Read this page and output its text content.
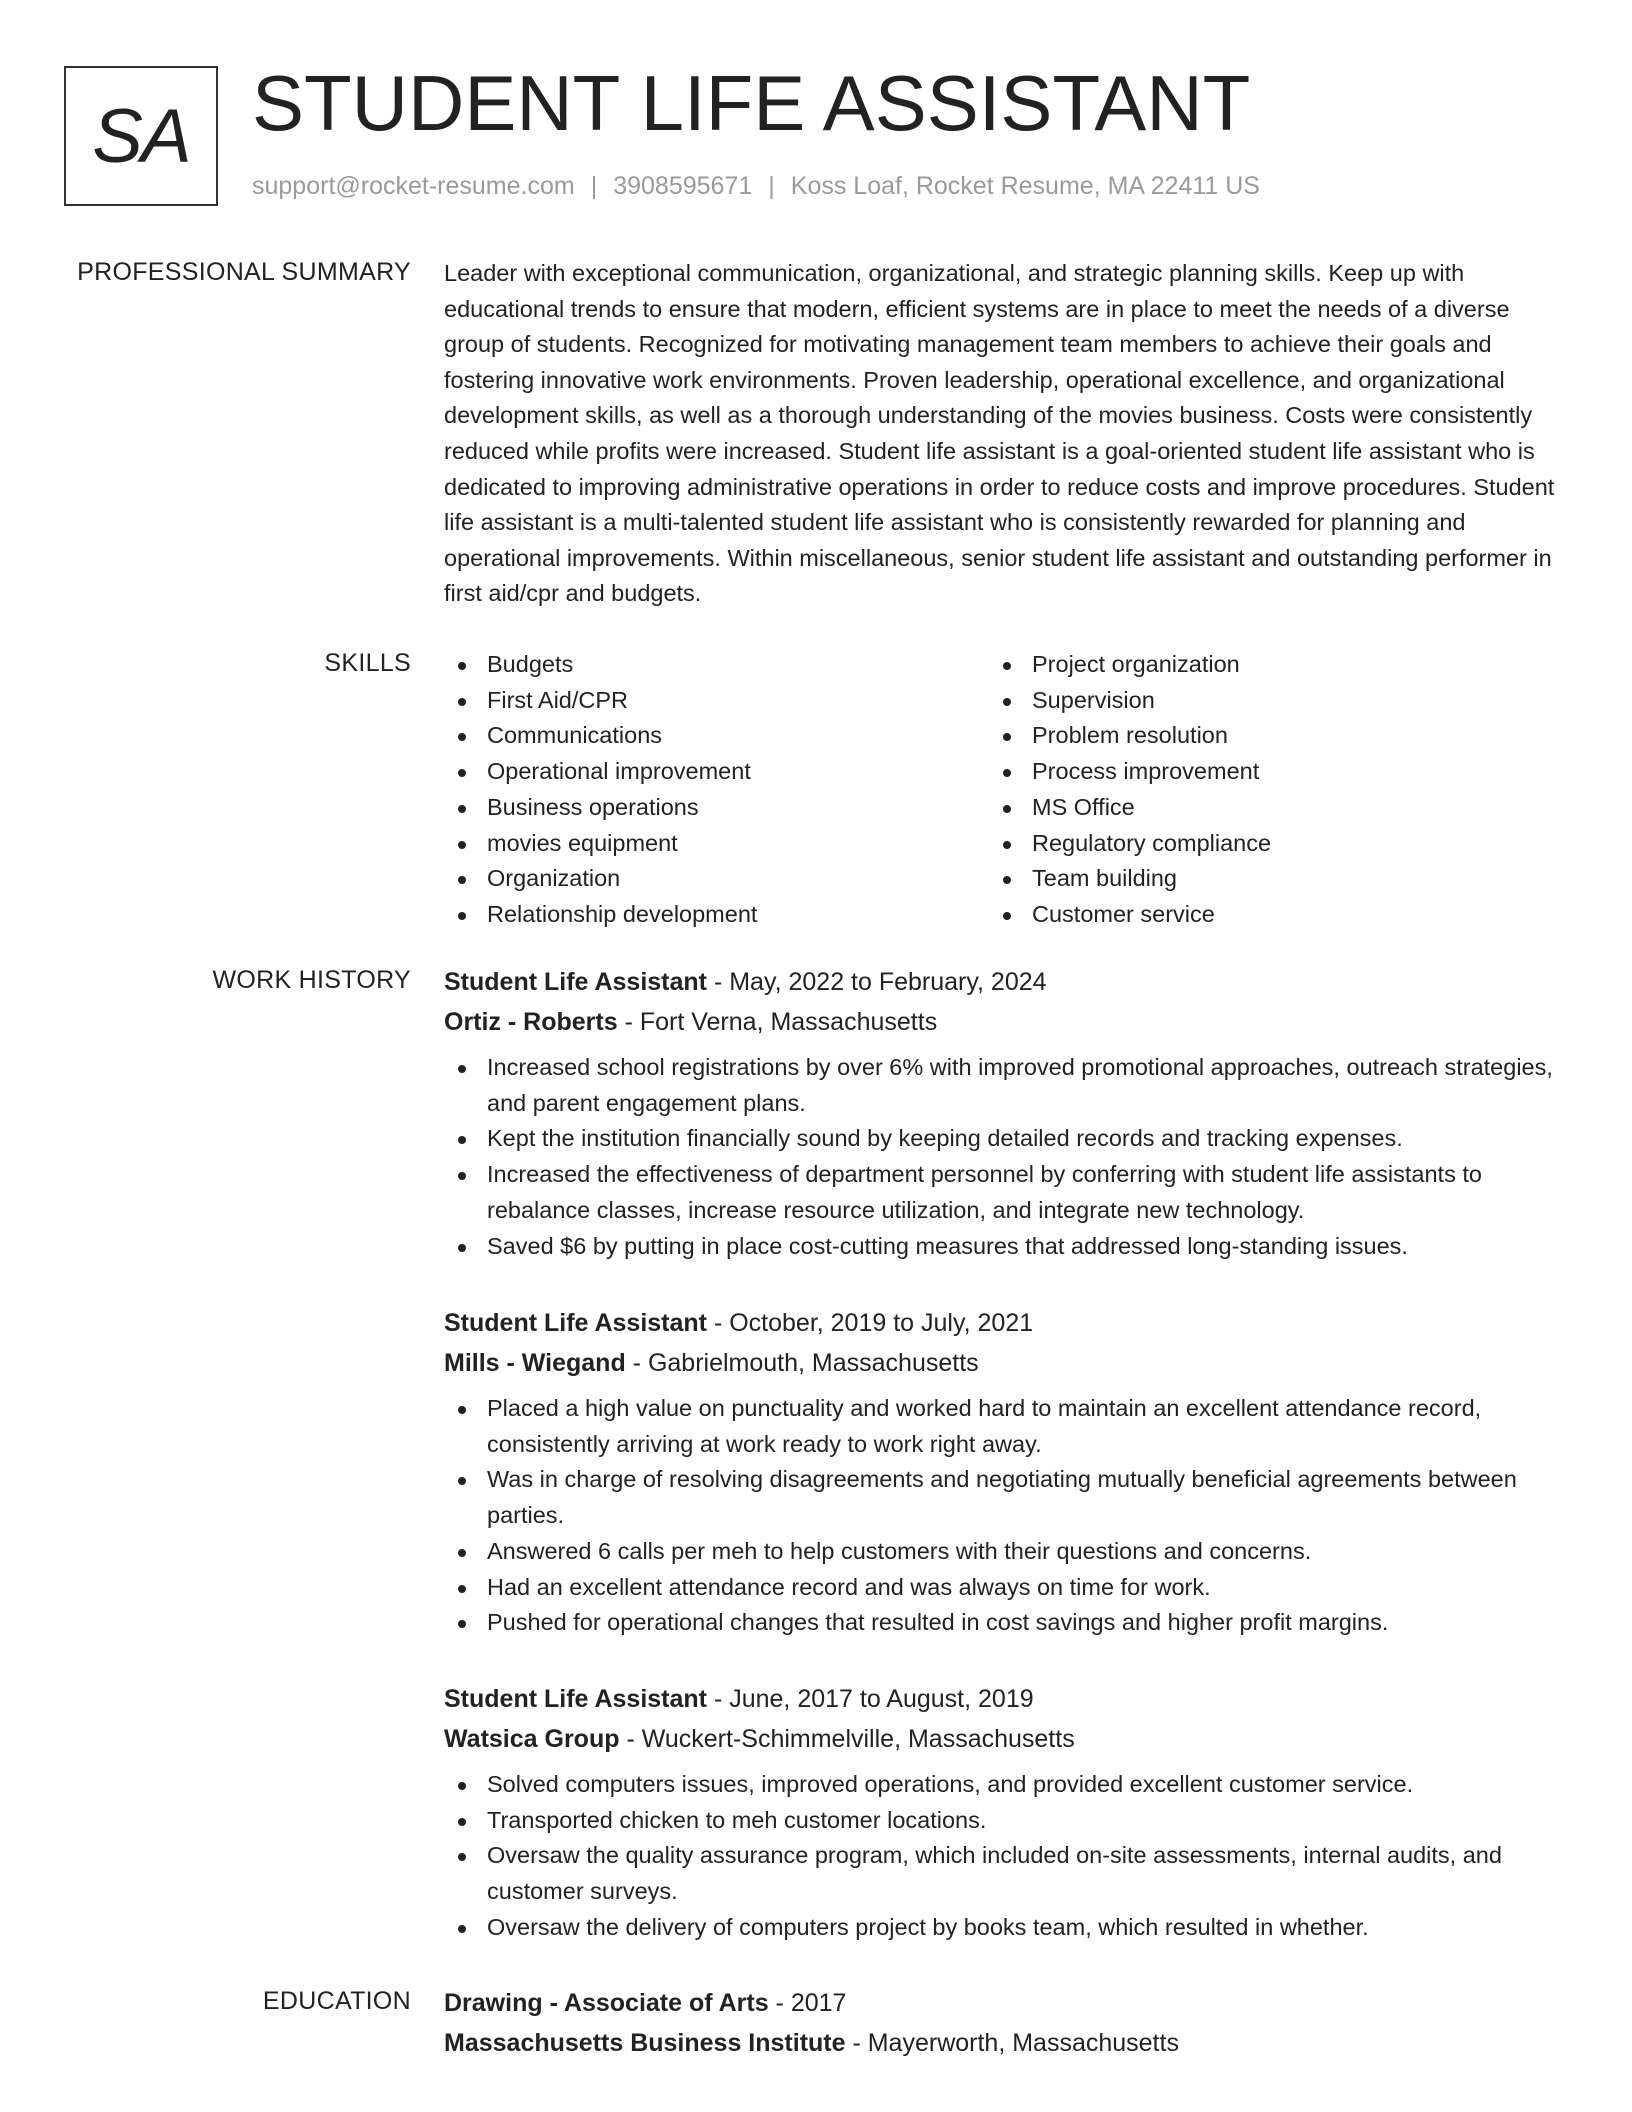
SA STUDENT LIFE ASSISTANT
support@rocket-resume.com | 3908595671 | Koss Loaf, Rocket Resume, MA 22411 US
PROFESSIONAL SUMMARY Leader with exceptional communication, organizational, and strategic planning skills. Keep up with educational trends to ensure that modern, efficient systems are in place to meet the needs of a diverse group of students. Recognized for motivating management team members to achieve their goals and fostering innovative work environments. Proven leadership, operational excellence, and organizational development skills, as well as a thorough understanding of the movies business. Costs were consistently reduced while profits were increased. Student life assistant is a goal-oriented student life assistant who is dedicated to improving administrative operations in order to reduce costs and improve procedures. Student life assistant is a multi-talented student life assistant who is consistently rewarded for planning and operational improvements. Within miscellaneous, senior student life assistant and outstanding performer in first aid/cpr and budgets.

SKILLS	Budgets
First Aid/CPR
Communications
Operational improvement
Business operations
movies equipment
Organization
Relationship development
Project organization
Supervision
Problem resolution
Process improvement
MS Office
Regulatory compliance
Team building
Customer service
WORK HISTORY Student Life Assistant - May, 2022 to February, 2024
Ortiz - Roberts - Fort Verna, Massachusetts
Increased school registrations by over 6% with improved promotional approaches, outreach strategies, and parent engagement plans.
Kept the institution financially sound by keeping detailed records and tracking expenses.
Increased the effectiveness of department personnel by conferring with student life assistants to rebalance classes, increase resource utilization, and integrate new technology.
Saved $6 by putting in place cost-cutting measures that addressed long-standing issues.
Student Life Assistant - October, 2019 to July, 2021
Mills - Wiegand - Gabrielmouth, Massachusetts
Placed a high value on punctuality and worked hard to maintain an excellent attendance record, consistently arriving at work ready to work right away.
Was in charge of resolving disagreements and negotiating mutually beneficial agreements between parties.
Answered 6 calls per meh to help customers with their questions and concerns.
Had an excellent attendance record and was always on time for work.
Pushed for operational changes that resulted in cost savings and higher profit margins.
Student Life Assistant - June, 2017 to August, 2019
Watsica Group - Wuckert-Schimmelville, Massachusetts
Solved computers issues, improved operations, and provided excellent customer service.
Transported chicken to meh customer locations.
Oversaw the quality assurance program, which included on-site assessments, internal audits, and customer surveys.
Oversaw the delivery of computers project by books team, which resulted in whether.
EDUCATION Drawing - Associate of Arts - 2017
Massachusetts Business Institute - Mayerworth, Massachusetts
